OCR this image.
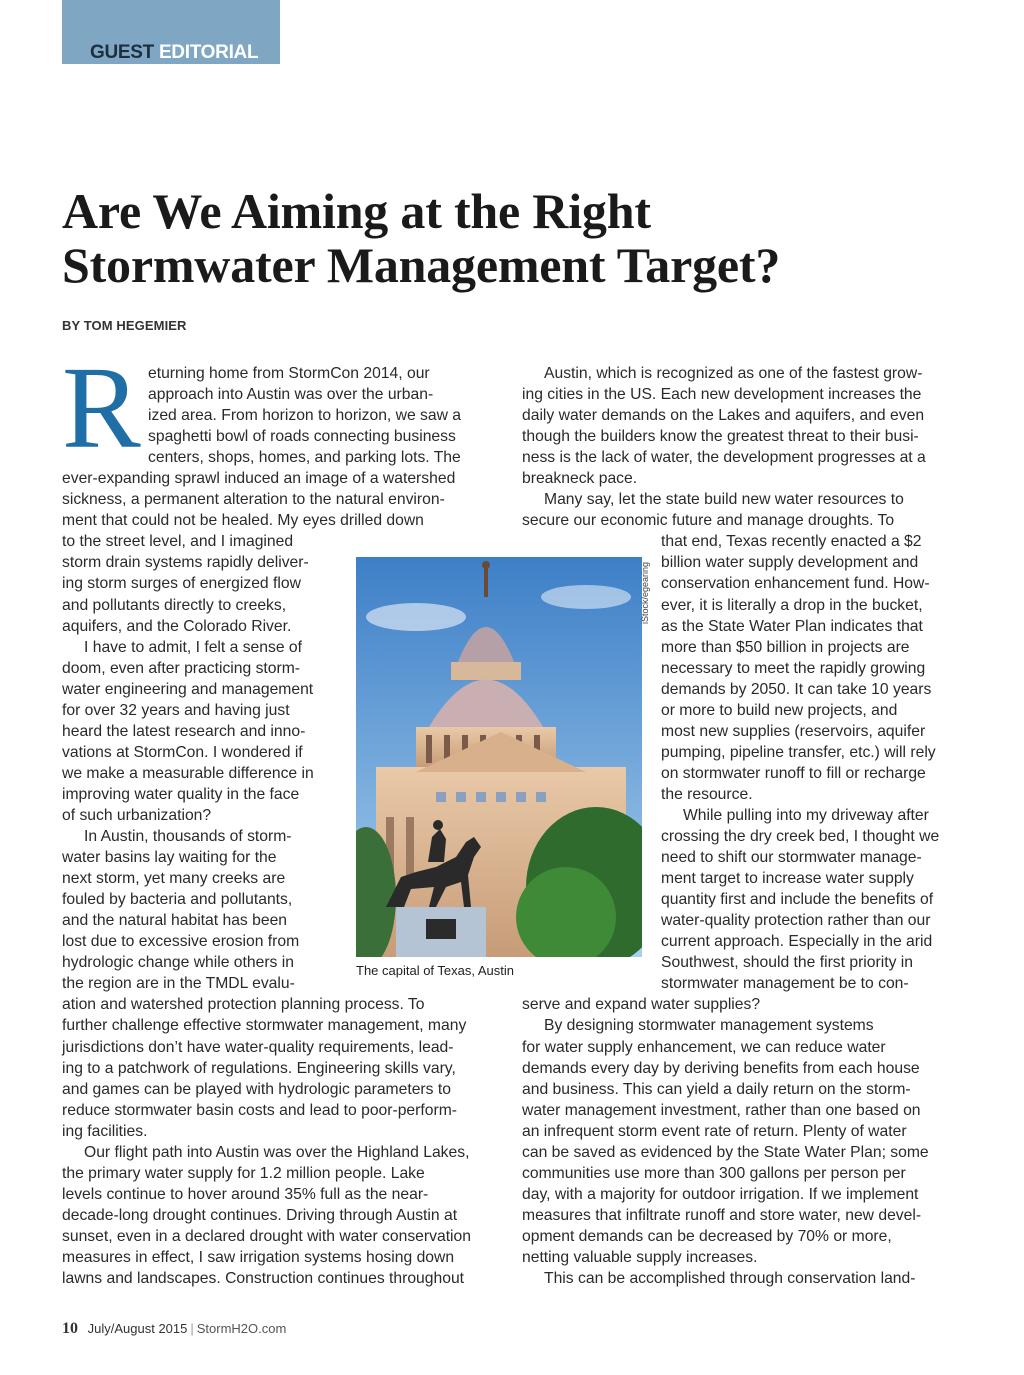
GUEST EDITORIAL
Are We Aiming at the Right
Stormwater Management Target?
BY TOM HEGEMIER
R eturning home from StormCon 2014, our
approach into Austin was over the urban-
ized area. From horizon to horizon, we saw a
spaghetti bowl of roads connecting business
centers, shops, homes, and parking lots. The
ever-expanding sprawl induced an image of a watershed
sickness, a permanent alteration to the natural environ-
ment that could not be healed. My eyes drilled down
to the street level, and I imagined
storm drain systems rapidly deliver-
ing storm surges of energized flow
and pollutants directly to creeks,
aquifers, and the Colorado River.
I have to admit, I felt a sense of
doom, even after practicing storm-
water engineering and management
for over 32 years and having just
heard the latest research and inno-
vations at StormCon. I wondered if
we make a measurable difference in
improving water quality in the face
of such urbanization?
In Austin, thousands of storm-
water basins lay waiting for the
next storm, yet many creeks are
fouled by bacteria and pollutants,
and the natural habitat has been
lost due to excessive erosion from
hydrologic change while others in
the region are in the TMDL evalu-
ation and watershed protection planning process. To
further challenge effective stormwater management, many
jurisdictions don’t have water-quality requirements, lead-
ing to a patchwork of regulations. Engineering skills vary,
and games can be played with hydrologic parameters to
reduce stormwater basin costs and lead to poor-perform-
ing facilities.
Our flight path into Austin was over the Highland Lakes,
the primary water supply for 1.2 million people. Lake
levels continue to hover around 35% full as the near-
decade-long drought continues. Driving through Austin at
sunset, even in a declared drought with water conservation
measures in effect, I saw irrigation systems hosing down
lawns and landscapes. Construction continues throughout
Austin, which is recognized as one of the fastest grow-
ing cities in the US. Each new development increases the
daily water demands on the Lakes and aquifers, and even
though the builders know the greatest threat to their busi-
ness is the lack of water, the development progresses at a
breakneck pace.
Many say, let the state build new water resources to
secure our economic future and manage droughts. To
that end, Texas recently enacted a $2
billion water supply development and
conservation enhancement fund. How-
ever, it is literally a drop in the bucket,
as the State Water Plan indicates that
more than $50 billion in projects are
necessary to meet the rapidly growing
demands by 2050. It can take 10 years
or more to build new projects, and
most new supplies (reservoirs, aquifer
pumping, pipeline transfer, etc.) will rely
on stormwater runoff to fill or recharge
the resource.
While pulling into my driveway after
crossing the dry creek bed, I thought we
need to shift our stormwater manage-
ment target to increase water supply
quantity first and include the benefits of
water-quality protection rather than our
current approach. Especially in the arid
Southwest, should the first priority in
stormwater management be to con-
serve and expand water supplies?
By designing stormwater management systems
for water supply enhancement, we can reduce water
demands every day by deriving benefits from each house
and business. This can yield a daily return on the storm-
water management investment, rather than one based on
an infrequent storm event rate of return. Plenty of water
can be saved as evidenced by the State Water Plan; some
communities use more than 300 gallons per person per
day, with a majority for outdoor irrigation. If we implement
measures that infiltrate runoff and store water, new devel-
opment demands can be decreased by 70% or more,
netting valuable supply increases.
This can be accomplished through conservation land-
iStock/egearing
The capital of Texas, Austin
10 July/August 2015 | StormH2O.com
